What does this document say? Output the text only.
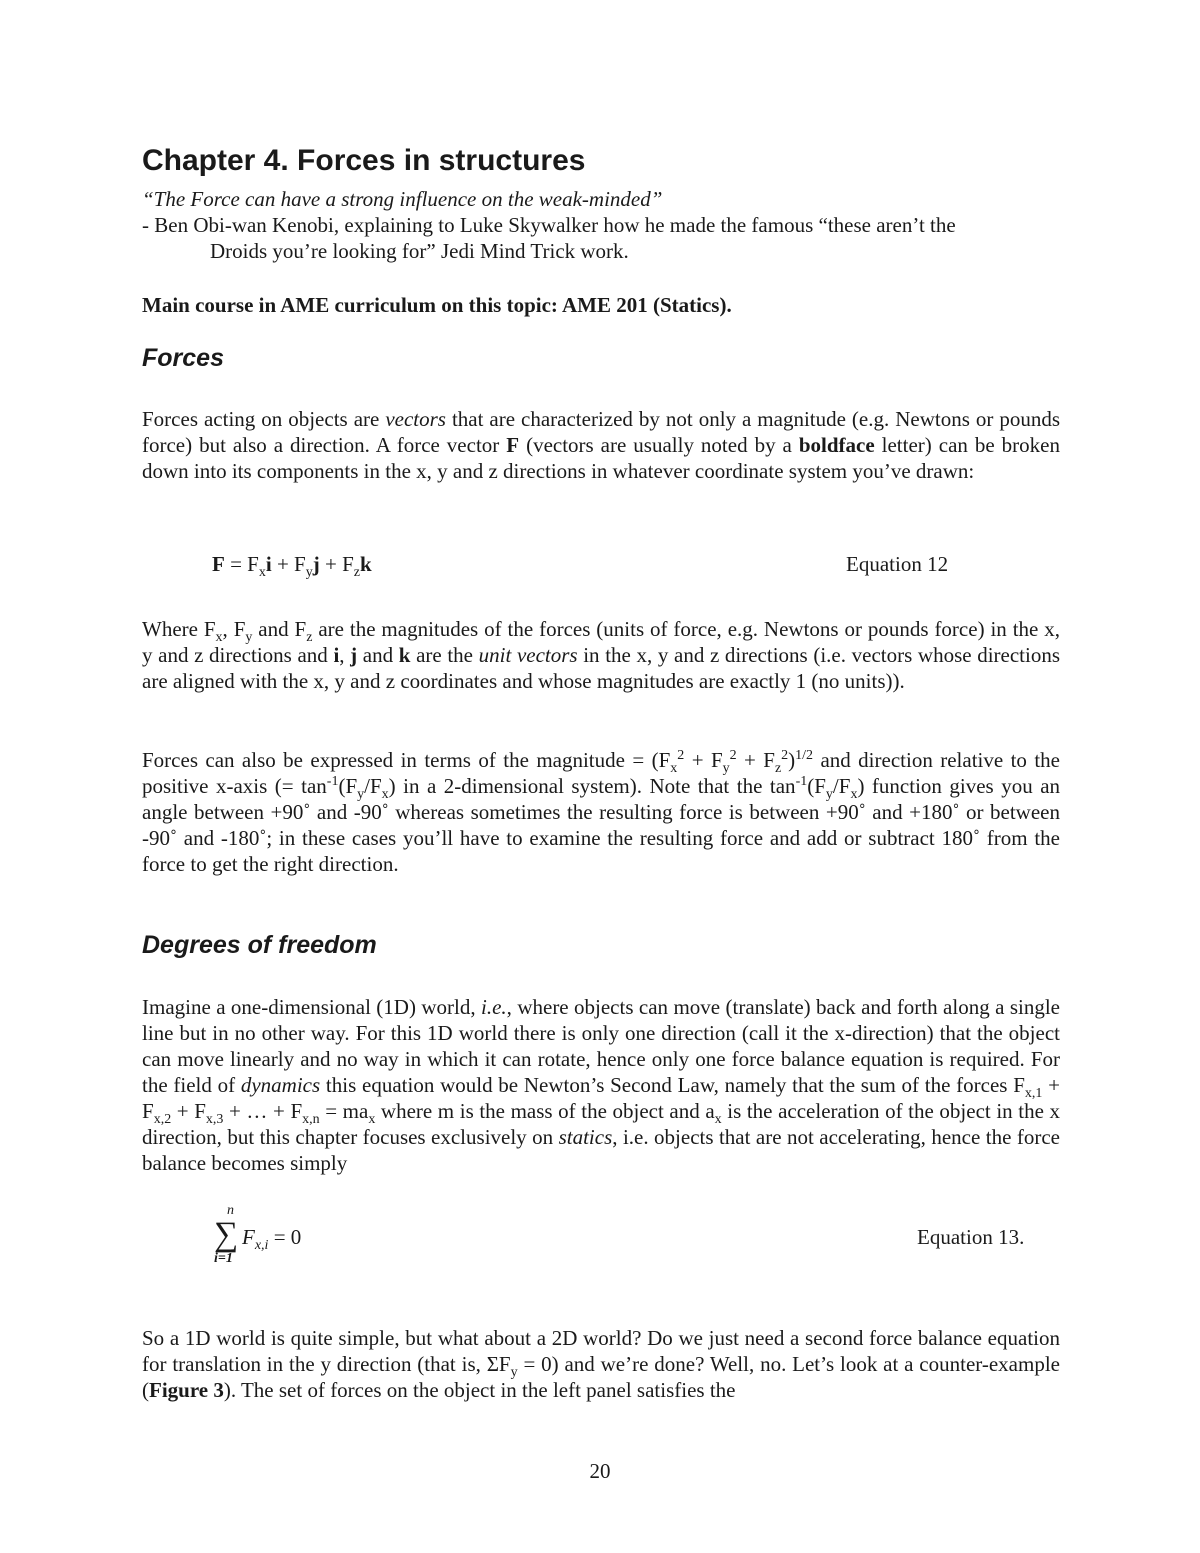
Chapter 4. Forces in structures
“The Force can have a strong influence on the weak-minded”
- Ben Obi-wan Kenobi, explaining to Luke Skywalker how he made the famous “these aren’t the
Droids you’re looking for” Jedi Mind Trick work.
Main course in AME curriculum on this topic: AME 201 (Statics).
Forces
Forces acting on objects are vectors that are characterized by not only a magnitude (e.g. Newtons or pounds force) but also a direction. A force vector F (vectors are usually noted by a boldface letter) can be broken down into its components in the x, y and z directions in whatever coordinate system you’ve drawn:
$F = F_xi + F_yj + F_zk$	Equation 12
Where $F_x$, $F_y$ and $F_z$ are the magnitudes of the forces (units of force, e.g. Newtons or pounds force) in the x, y and z directions and i, j and k are the unit vectors in the x, y and z directions (i.e. vectors whose directions are aligned with the x, y and z coordinates and whose magnitudes are exactly 1 (no units)).
Forces can also be expressed in terms of the magnitude = $(F_x^2 + F_y^2 + F_z^2)^{1/2}$ and direction relative to the positive x-axis (= $\tan^{-1}(F_y/F_x)$ in a 2-dimensional system). Note that the $\tan^{-1}(F_y/F_x)$ function gives you an angle between +90˚ and -90˚ whereas sometimes the resulting force is between +90˚ and +180˚ or between -90˚ and -180˚; in these cases you’ll have to examine the resulting force and add or subtract 180˚ from the force to get the right direction.
Degrees of freedom
Imagine a one-dimensional (1D) world, i.e., where objects can move (translate) back and forth along a single line but in no other way. For this 1D world there is only one direction (call it the x-direction) that the object can move linearly and no way in which it can rotate, hence only one force balance equation is required. For the field of dynamics this equation would be Newton’s Second Law, namely that the sum of the forces $F_{x,1} + F_{x,2} + F_{x,3}$ + … + $F_{x,n} = ma_x$ where m is the mass of the object and $a_x$ is the acceleration of the object in the x direction, but this chapter focuses exclusively on statics, i.e. objects that are not accelerating, hence the force balance becomes simply
n
∑
i=1
$F_{x,i} = 0$	Equation 13.
So a 1D world is quite simple, but what about a 2D world? Do we just need a second force balance equation for translation in the y direction (that is, $\Sigma F_y = 0$) and we’re done? Well, no. Let’s look at a counter-example (Figure 3). The set of forces on the object in the left panel satisfies the
20
